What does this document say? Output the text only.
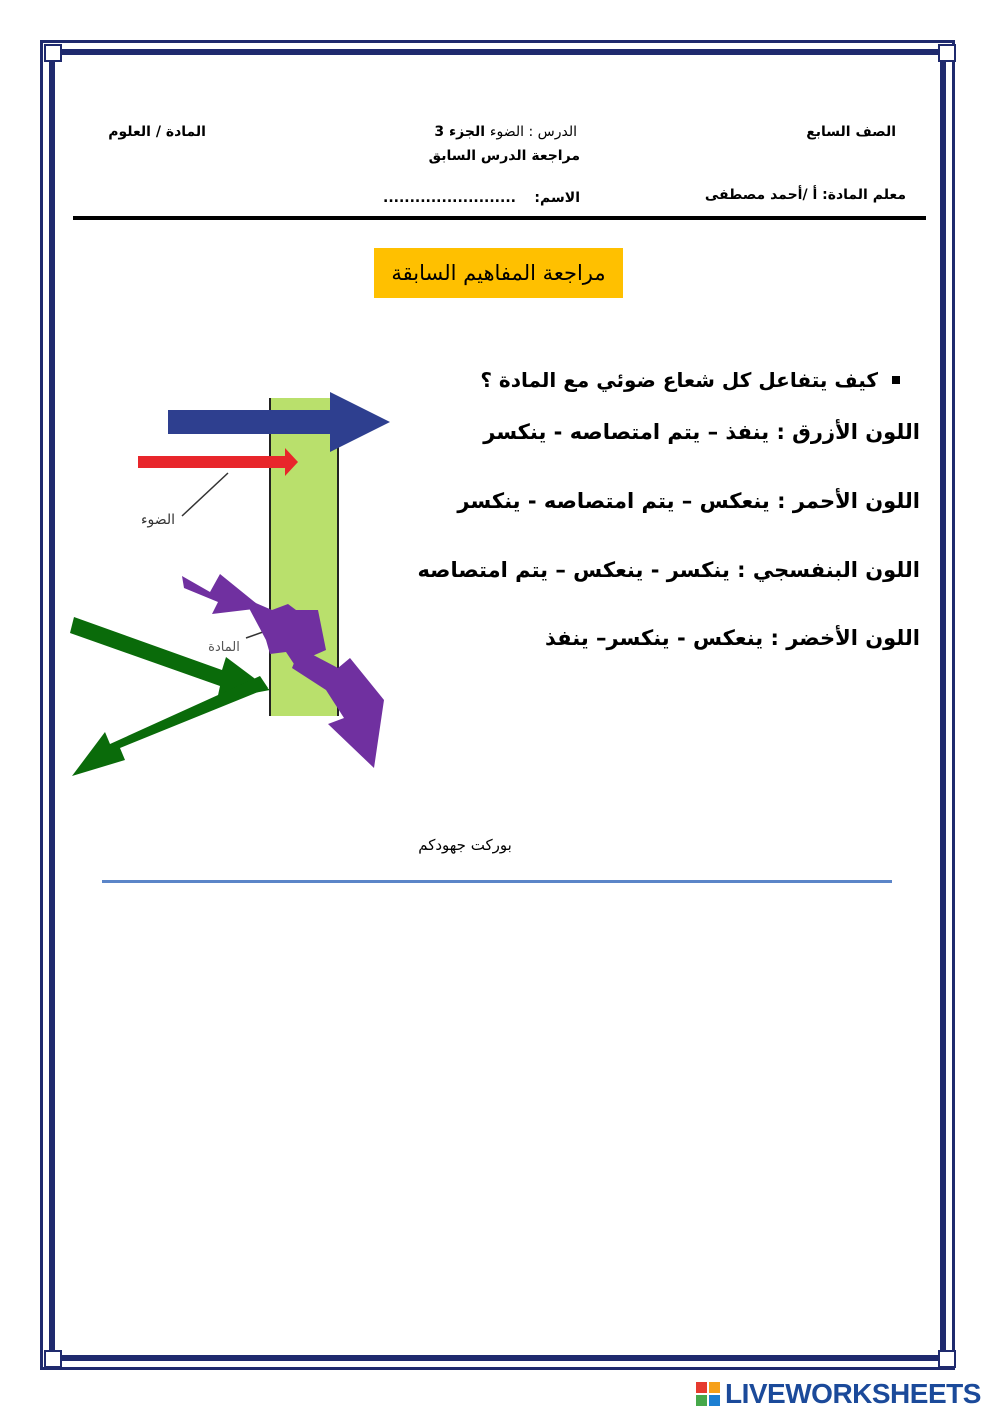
الصف السابع
الدرس : الضوء الجزء 3
مراجعة الدرس السابق
المادة / العلوم
معلم المادة: أ /أحمد مصطفى
الاسم:
.........................
مراجعة المفاهيم السابقة
كيف يتفاعل كل شعاع ضوئي مع المادة ؟
اللون الأزرق : ينفذ – يتم امتصاصه - ينكسر
اللون الأحمر : ينعكس – يتم امتصاصه - ينكسر
اللون البنفسجي : ينكسر - ينعكس – يتم امتصاصه
اللون الأخضر : ينعكس - ينكسر– ينفذ
الضوء
المادة
بوركت جهودكم
LIVEWORKSHEETS
